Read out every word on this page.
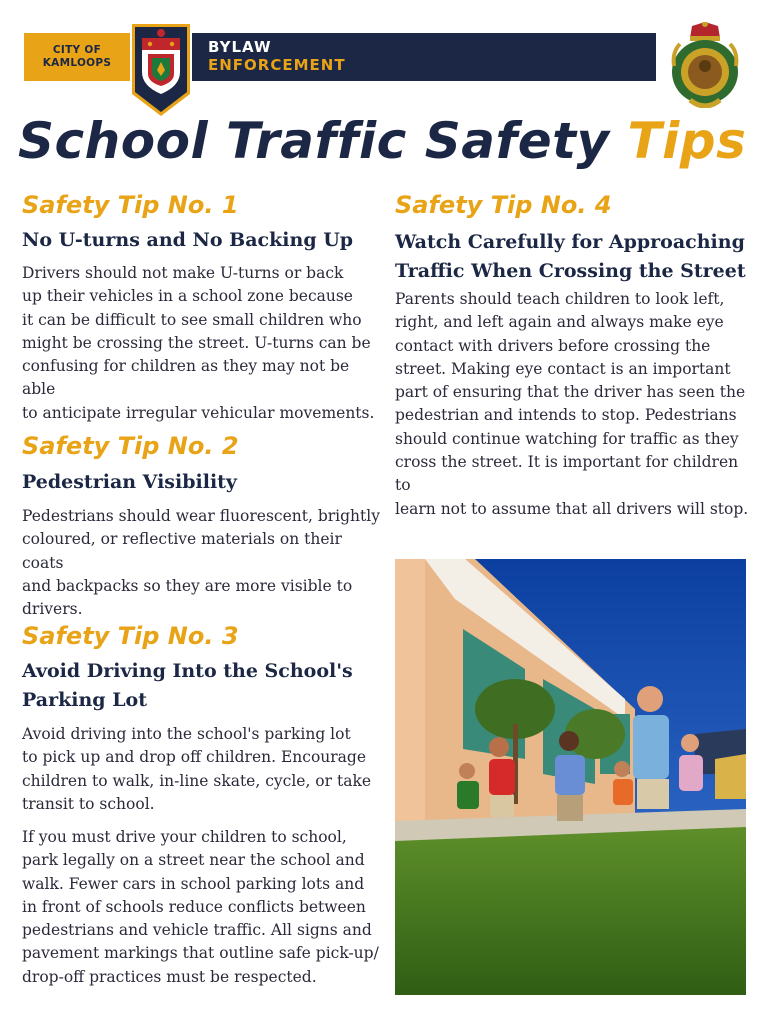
CITY OF
KAMLOOPS
BYLAW
ENFORCEMENT
School Traffic Safety Tips
Safety Tip No. 1
No U-turns and No Backing Up
Drivers should not make U-turns or back
up their vehicles in a school zone because
it can be difficult to see small children who
might be crossing the street. U-turns can be
confusing for children as they may not be able
to anticipate irregular vehicular movements.
Safety Tip No. 2
Pedestrian Visibility
Pedestrians should wear fluorescent, brightly
coloured, or reflective materials on their coats
and backpacks so they are more visible to
drivers.
Safety Tip No. 3
Avoid Driving Into the School's
Parking Lot
Avoid driving into the school's parking lot
to pick up and drop off children. Encourage
children to walk, in-line skate, cycle, or take
transit to school.
If you must drive your children to school,
park legally on a street near the school and
walk. Fewer cars in school parking lots and
in front of schools reduce conflicts between
pedestrians and vehicle traffic. All signs and
pavement markings that outline safe pick-up/
drop-off practices must be respected.
Safety Tip No. 4
Watch Carefully for Approaching
Traffic When Crossing the Street
Parents should teach children to look left,
right, and left again and always make eye
contact with drivers before crossing the
street. Making eye contact is an important
part of ensuring that the driver has seen the
pedestrian and intends to stop. Pedestrians
should continue watching for traffic as they
cross the street. It is important for children to
learn not to assume that all drivers will stop.
